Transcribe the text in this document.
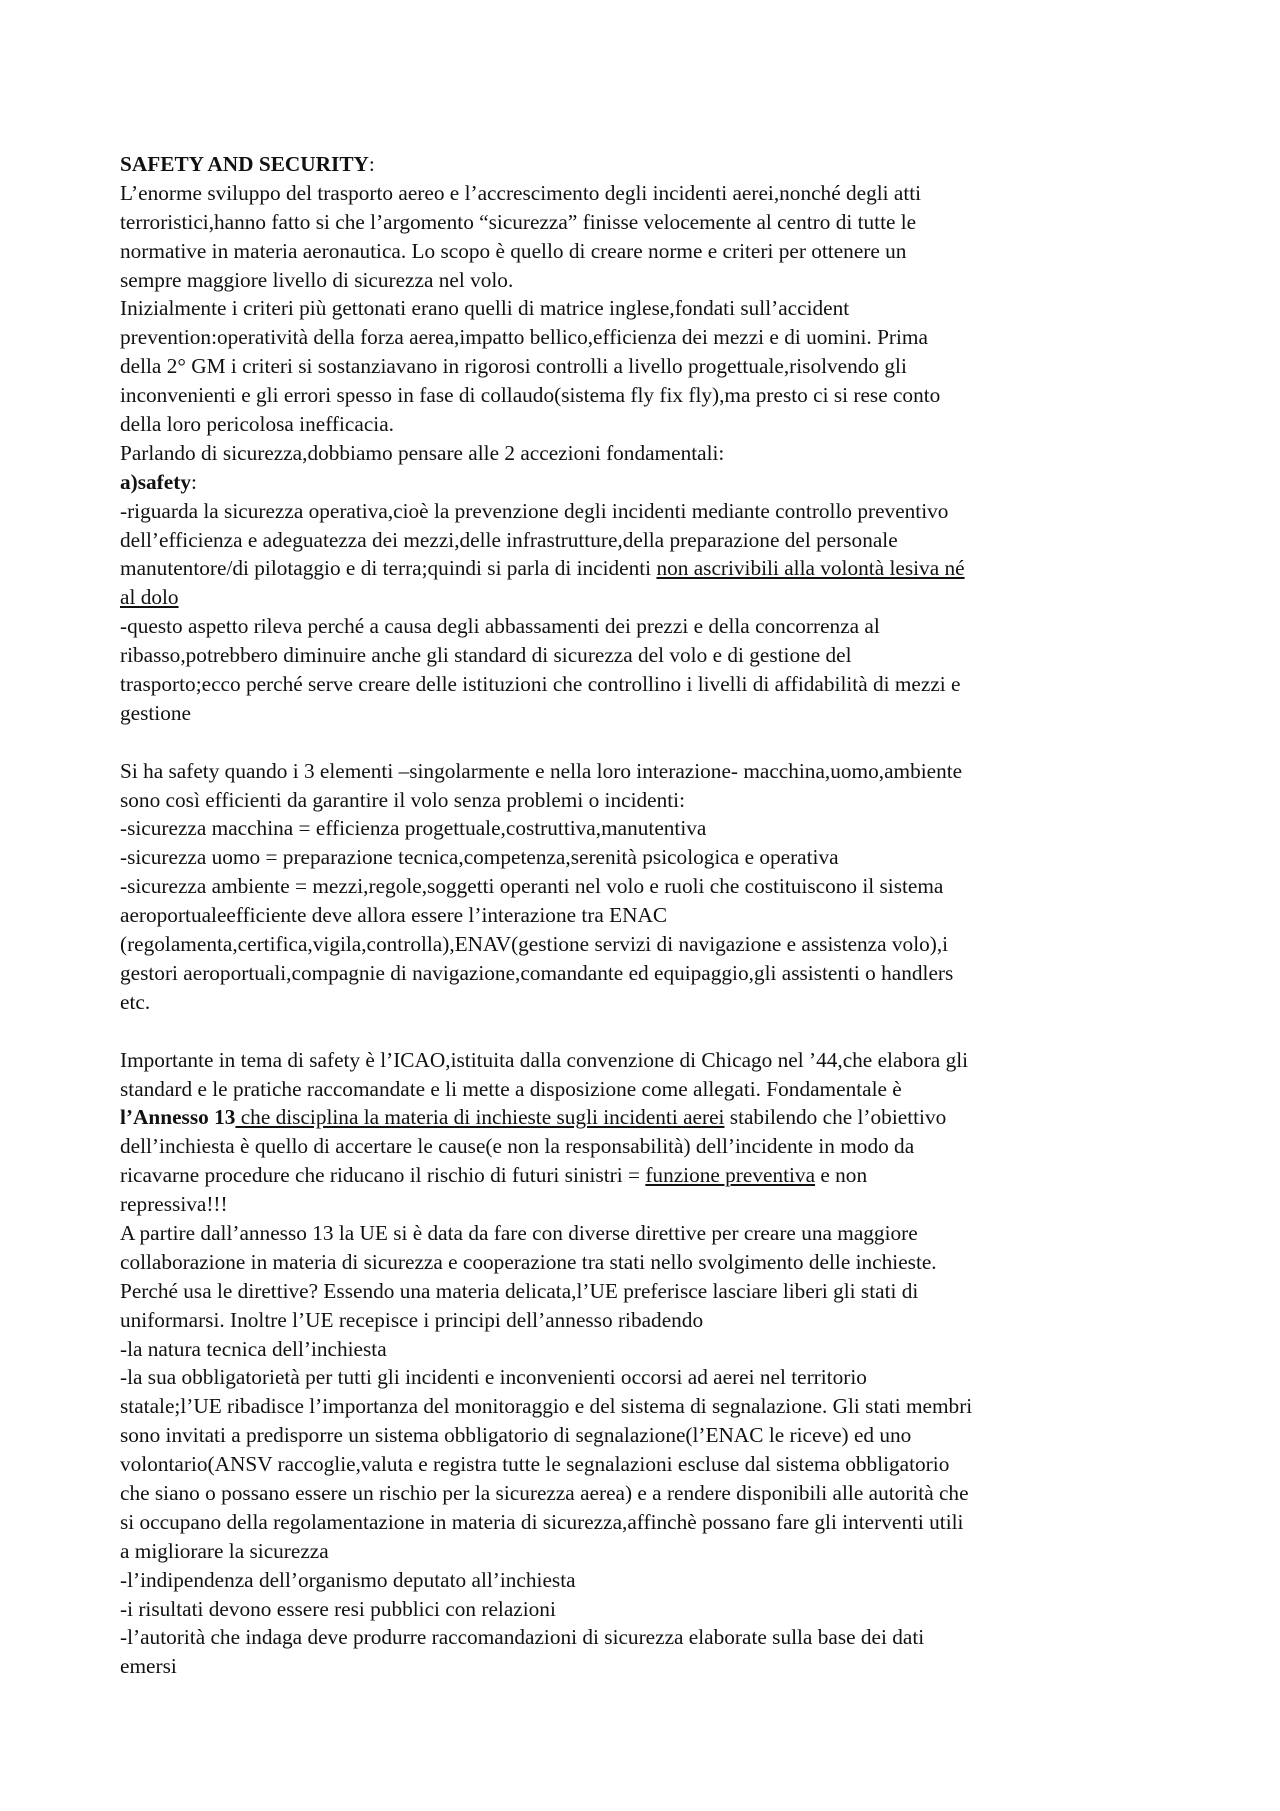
SAFETY AND SECURITY:
L’enorme sviluppo del trasporto aereo e l’accrescimento degli incidenti aerei,nonché degli atti
terroristici,hanno fatto si che l’argomento “sicurezza” finisse velocemente al centro di tutte le
normative in materia aeronautica. Lo scopo è quello di creare norme e criteri per ottenere un
sempre maggiore livello di sicurezza nel volo.
Inizialmente i criteri più gettonati erano quelli di matrice inglese,fondati sull’accident
prevention:operatività della forza aerea,impatto bellico,efficienza dei mezzi e di uomini. Prima
della 2° GM i criteri si sostanziavano in rigorosi controlli a livello progettuale,risolvendo gli
inconvenienti e gli errori spesso in fase di collaudo(sistema fly fix fly),ma presto ci si rese conto
della loro pericolosa inefficacia.
Parlando di sicurezza,dobbiamo pensare alle 2 accezioni fondamentali:
a)safety:
-riguarda la sicurezza operativa,cioè la prevenzione degli incidenti mediante controllo preventivo
dell’efficienza e adeguatezza dei mezzi,delle infrastrutture,della preparazione del personale
manutentore/di pilotaggio e di terra;quindi si parla di incidenti non ascrivibili alla volontà lesiva né
al dolo
-questo aspetto rileva perché a causa degli abbassamenti dei prezzi e della concorrenza al
ribasso,potrebbero diminuire anche gli standard di sicurezza del volo e di gestione del
trasporto;ecco perché serve creare delle istituzioni che controllino i livelli di affidabilità di mezzi e
gestione
Si ha safety quando i 3 elementi –singolarmente e nella loro interazione- macchina,uomo,ambiente
sono così efficienti da garantire il volo senza problemi o incidenti:
-sicurezza macchina = efficienza progettuale,costruttiva,manutentiva
-sicurezza uomo = preparazione tecnica,competenza,serenità psicologica e operativa
-sicurezza ambiente = mezzi,regole,soggetti operanti nel volo e ruoli che costituiscono il sistema
aeroportualeefficiente deve allora essere l’interazione tra ENAC
(regolamenta,certifica,vigila,controlla),ENAV(gestione servizi di navigazione e assistenza volo),i
gestori aeroportuali,compagnie di navigazione,comandante ed equipaggio,gli assistenti o handlers
etc.
Importante in tema di safety è l’ICAO,istituita dalla convenzione di Chicago nel ’44,che elabora gli
standard e le pratiche raccomandate e li mette a disposizione come allegati. Fondamentale è
l’Annesso 13 che disciplina la materia di inchieste sugli incidenti aerei stabilendo che l’obiettivo
dell’inchiesta è quello di accertare le cause(e non la responsabilità) dell’incidente in modo da
ricavarne procedure che riducano il rischio di futuri sinistri = funzione preventiva e non
repressiva!!!
A partire dall’annesso 13 la UE si è data da fare con diverse direttive per creare una maggiore
collaborazione in materia di sicurezza e cooperazione tra stati nello svolgimento delle inchieste.
Perché usa le direttive? Essendo una materia delicata,l’UE preferisce lasciare liberi gli stati di
uniformarsi. Inoltre l’UE recepisce i principi dell’annesso ribadendo
-la natura tecnica dell’inchiesta
-la sua obbligatorietà per tutti gli incidenti e inconvenienti occorsi ad aerei nel territorio
statale;l’UE ribadisce l’importanza del monitoraggio e del sistema di segnalazione. Gli stati membri
sono invitati a predisporre un sistema obbligatorio di segnalazione(l’ENAC le riceve) ed uno
volontario(ANSV raccoglie,valuta e registra tutte le segnalazioni escluse dal sistema obbligatorio
che siano o possano essere un rischio per la sicurezza aerea) e a rendere disponibili alle autorità che
si occupano della regolamentazione in materia di sicurezza,affinchè possano fare gli interventi utili
a migliorare la sicurezza
-l’indipendenza dell’organismo deputato all’inchiesta
-i risultati devono essere resi pubblici con relazioni
-l’autorità che indaga deve produrre raccomandazioni di sicurezza elaborate sulla base dei dati
emersi
